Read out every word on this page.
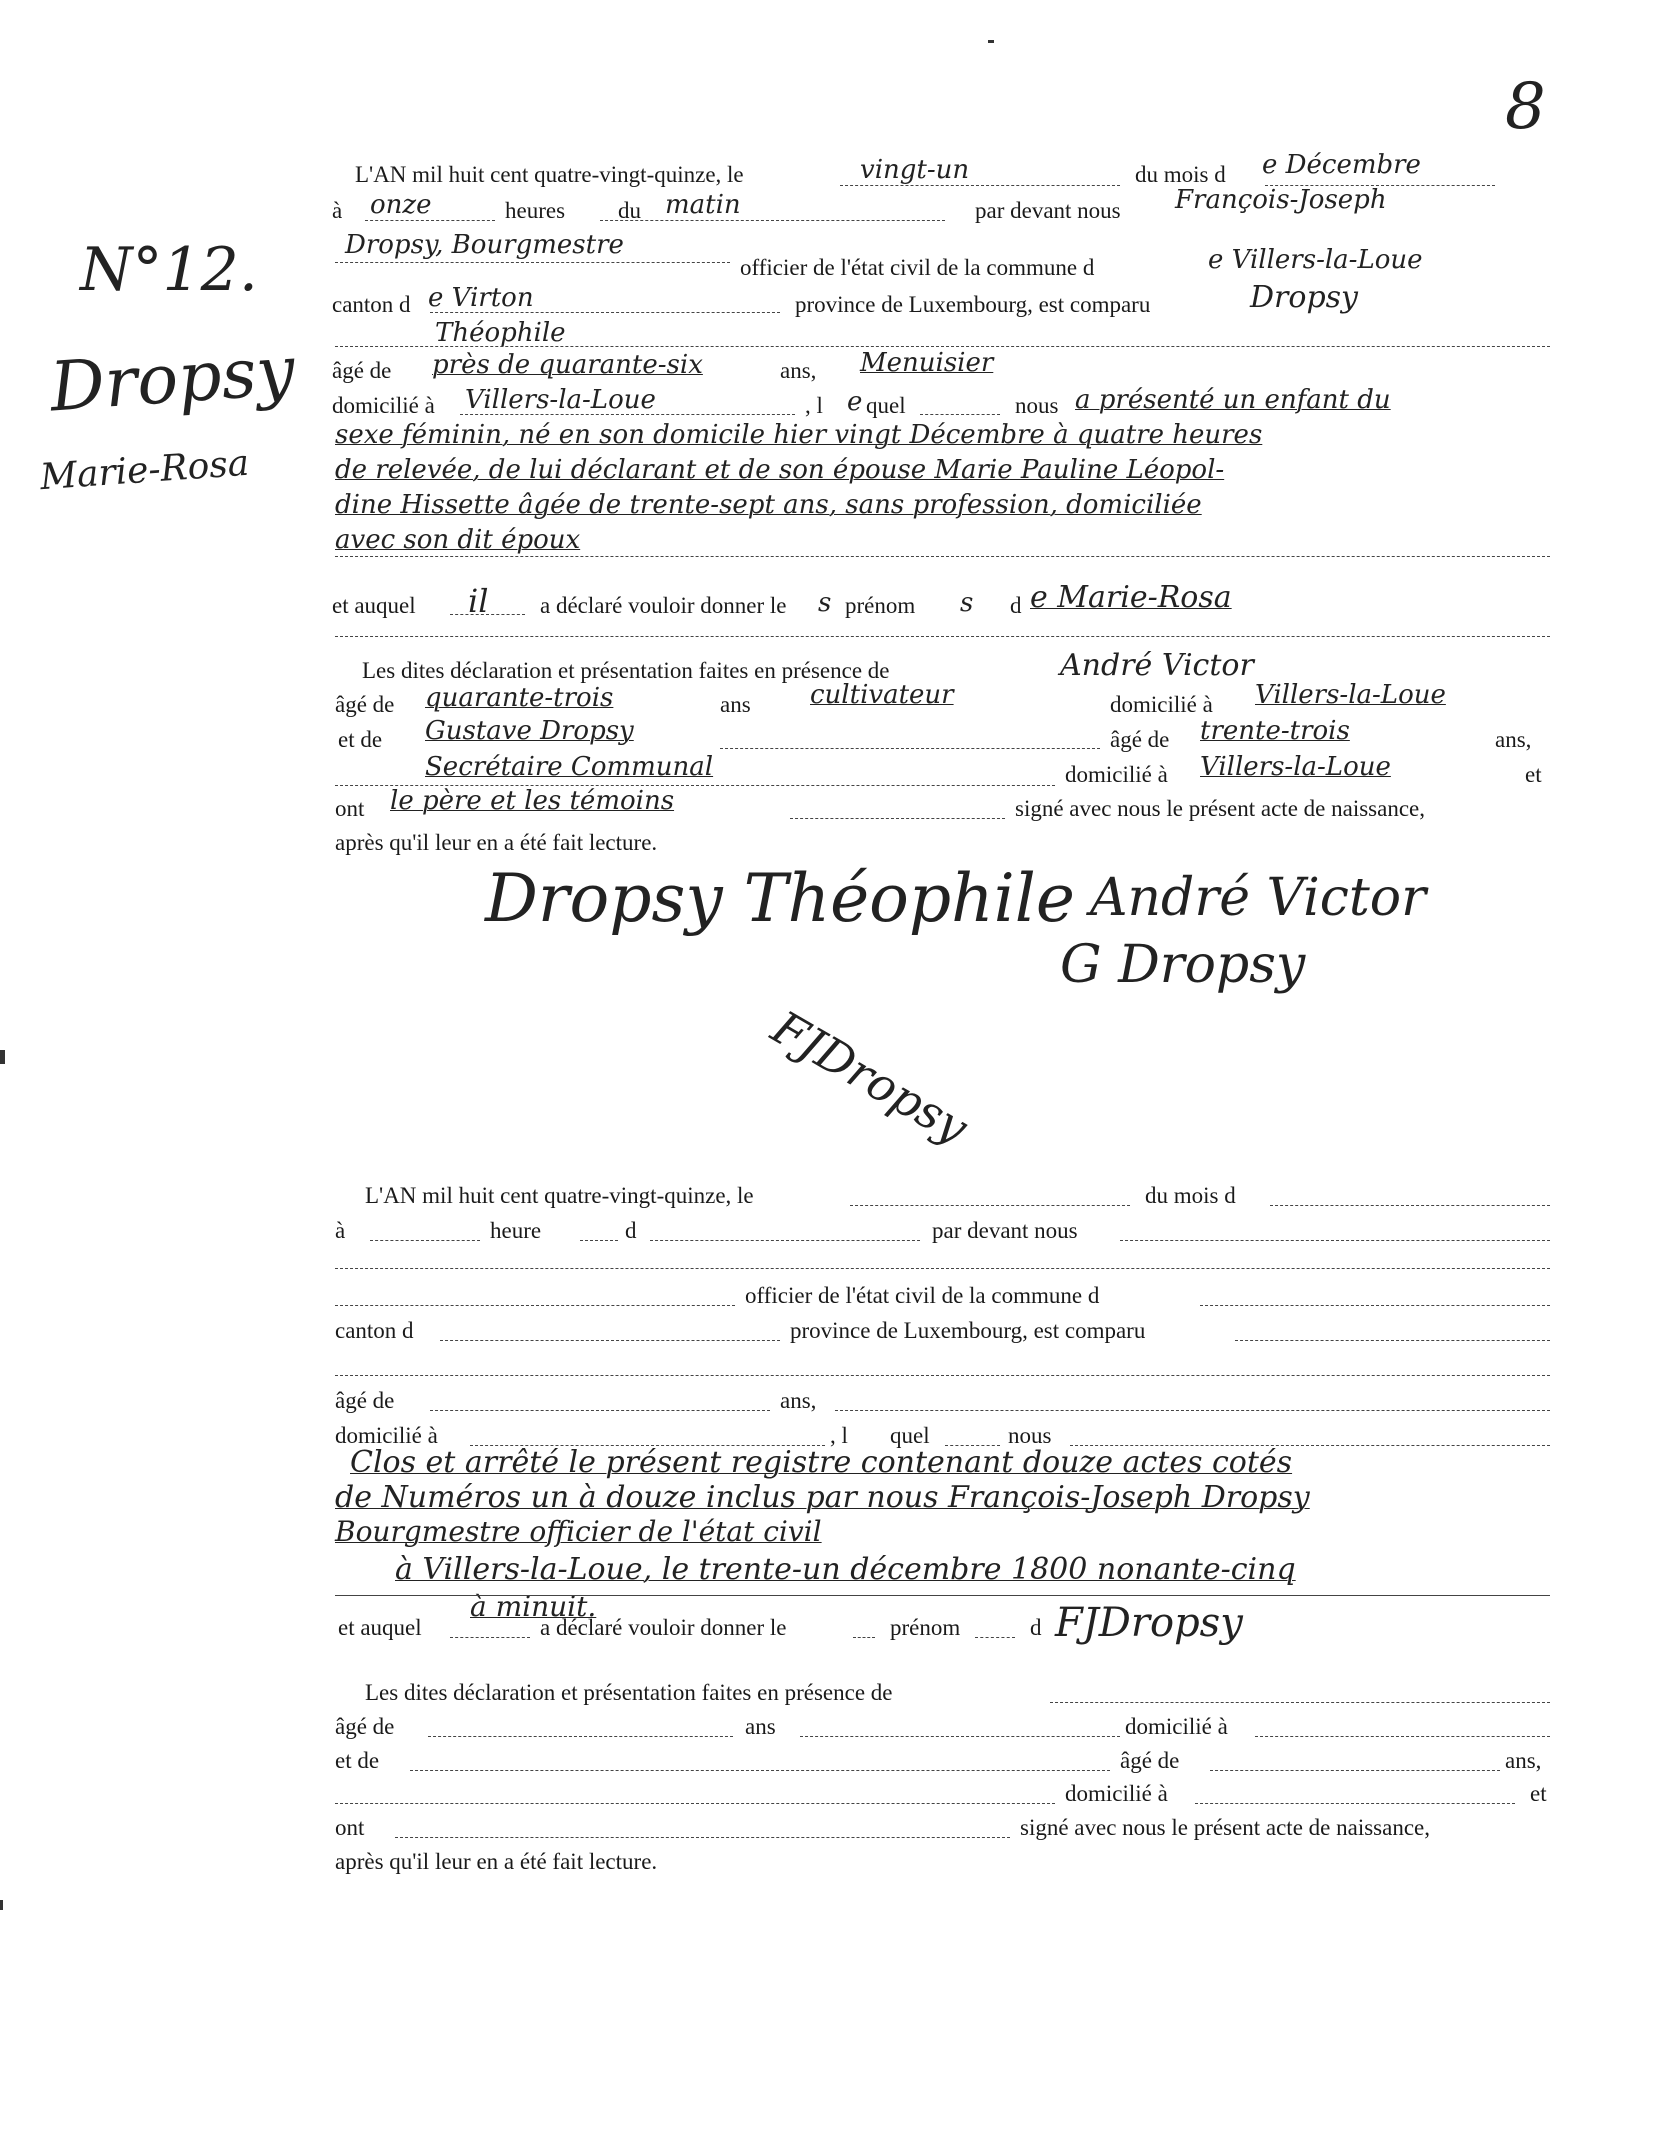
8
N°12.
Dropsy
Marie-Rosa
L'AN mil huit cent quatre-vingt-quinze, le	vingt-un	du mois d e Décembre
à onze	heures du matin	par devant nous François-Joseph
Dropsy, Bourgmestre
officier de l'état civil de la commune d	e Villers-la-Loue
canton d e Virton	province de Luxembourg, est comparu	Dropsy
Théophile
âgé de près de quarante-six	ans, Menuisier
domicilié à Villers-la-Loue	, l e quel	nous a présenté un enfant du
sexe féminin, né en son domicile hier vingt Décembre à quatre heures
de relevée, de lui déclarant et de son épouse Marie Pauline Léopol-
dine Hissette âgée de trente-sept ans, sans profession, domiciliée
avec son dit époux
et auquel il a déclaré vouloir donner le s prénom s d e Marie-Rosa
Les dites déclaration et présentation faites en présence de	André Victor
âgé de quarante-trois	ans cultivateur	domicilié à Villers-la-Loue
et de Gustave Dropsy	âgé de trente-trois	ans,
Secrétaire Communal	domicilié à Villers-la-Loue	et
ont le père et les témoins	signé avec nous le présent acte de naissance,
après qu'il leur en a été fait lecture.
Dropsy Théophile André Victor
G Dropsy
FJDropsy
L'AN mil huit cent quatre-vingt-quinze, le	du mois d
à	heure	d	par devant nous
officier de l'état civil de la commune d
canton d	province de Luxembourg, est comparu
âgé de	ans,
domicilié à	, l quel	nous
Clos et arrêté le présent registre contenant douze actes cotés
de Numéros un à douze inclus par nous François-Joseph Dropsy
Bourgmestre officier de l'état civil
à Villers-la-Loue, le trente-un décembre 1800 nonante-cinq
à minuit.
et auquel	a déclaré vouloir donner le	prénom	d FJDropsy
Les dites déclaration et présentation faites en présence de
âgé de	ans	domicilié à
et de	âgé de	ans,
domicilié à	et
ont	signé avec nous le présent acte de naissance,
après qu'il leur en a été fait lecture.
